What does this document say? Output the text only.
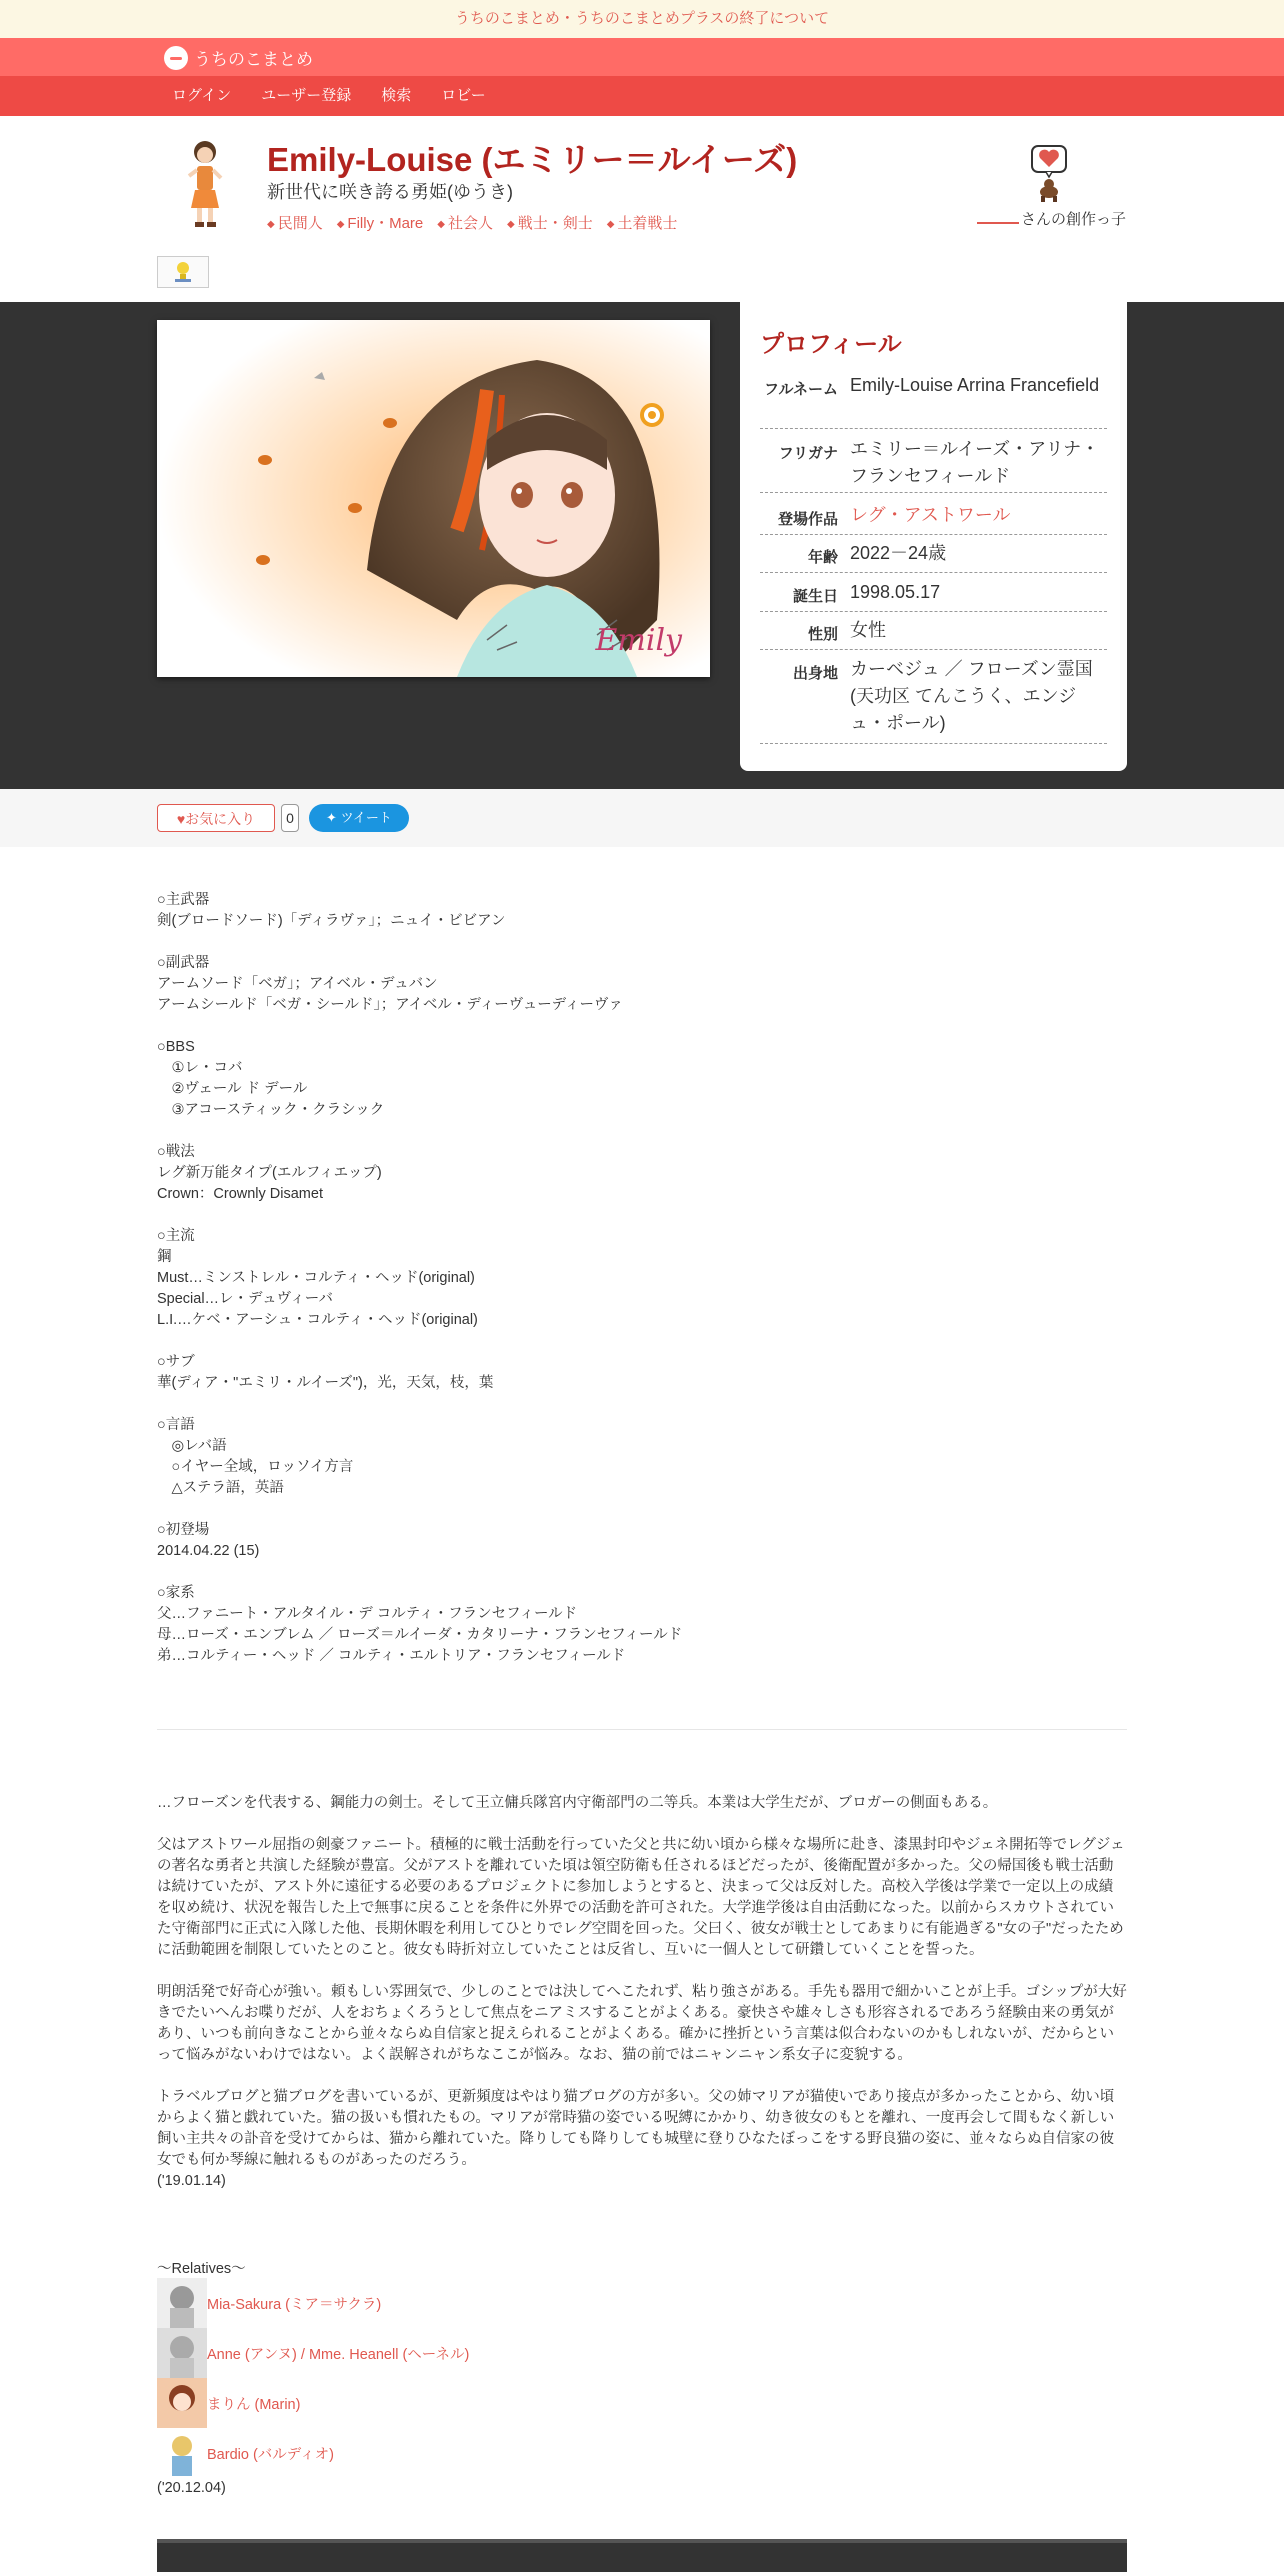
うちのこまとめ・うちのこまとめプラスの終了について
うちのこまとめ
ログイン	ユーザー登録	検索	ロビー
Emily-Louise (エミリー＝ルイーズ)
新世代に咲き誇る勇姫(ゆうき)
◆ 民間人	◆ Filly・Mare	◆ 社会人	◆ 戦士・剣士	◆ 土着戦士	さんの創作っ子
Emily
プロフィール
フルネーム Emily-Louise Arrina Francefield
フリガナ エミリー＝ルイーズ・アリナ・フランセフィールド
登場作品 レグ・アストワール
年齢 2022－24歳
誕生日 1998.05.17
性別 女性
出身地 カーベジュ ／ フローズン霊国 (天功区 てんこうく、エンジュ・ポール)
♥お気に入り	0	✦ ツイート
○主武器
剣(ブロードソード)「ディラヴァ」；ニュイ・ビビアン
○副武器
アームソード「ベガ」；アイベル・デュバン
アームシールド「ベガ・シールド」；アイベル・ディーヴューディーヴァ
○BBS
　①レ・コバ
　②ヴェール ド デール
　③アコースティック・クラシック
○戦法
レグ新万能タイプ(エルフィエップ)
Crown：Crownly Disamet
○主流
鋼
Must…ミンストレル・コルティ・ヘッド(original)
Special…レ・デュヴィーバ
L.I.…ケベ・アーシュ・コルティ・ヘッド(original)
○サブ
華(ディア・"エミリ・ルイーズ")，光，天気，枝，葉
○言語
　◎レバ語
　○イヤー全域，ロッソイ方言
　△ステラ語，英語
○初登場
2014.04.22 (15)
○家系
父…ファニート・アルタイル・デ コルティ・フランセフィールド
母…ローズ・エンブレム ／ ローズ＝ルイーダ・カタリーナ・フランセフィールド
弟…コルティー・ヘッド ／ コルティ・エルトリア・フランセフィールド

…フローズンを代表する、鋼能力の剣士。そして王立傭兵隊宮内守衛部門の二等兵。本業は大学生だが、ブロガーの側面もある。

父はアストワール屈指の剣豪ファニート。積極的に戦士活動を行っていた父と共に幼い頃から様々な場所に赴き、漆黒封印やジェネ開拓等でレグジェの著名な勇者と共演した経験が豊富。父がアストを離れていた頃は領空防衛も任されるほどだったが、後衛配置が多かった。父の帰国後も戦士活動は続けていたが、アスト外に遠征する必要のあるプロジェクトに参加しようとすると、決まって父は反対した。高校入学後は学業で一定以上の成績を収め続け、状況を報告した上で無事に戻ることを条件に外界での活動を許可された。大学進学後は自由活動になった。以前からスカウトされていた守衛部門に正式に入隊した他、長期休暇を利用してひとりでレグ空間を回った。父曰く、彼女が戦士としてあまりに有能過ぎる"女の子"だったために活動範囲を制限していたとのこと。彼女も時折対立していたことは反省し、互いに一個人として研鑽していくことを誓った。

明朗活発で好奇心が強い。頼もしい雰囲気で、少しのことでは決してへこたれず、粘り強さがある。手先も器用で細かいことが上手。ゴシップが大好きでたいへんお喋りだが、人をおちょくろうとして焦点をニアミスすることがよくある。豪快さや雄々しさも形容されるであろう経験由来の勇気があり、いつも前向きなことから並々ならぬ自信家と捉えられることがよくある。確かに挫折という言葉は似合わないのかもしれないが、だからといって悩みがないわけではない。よく誤解されがちなここが悩み。なお、猫の前ではニャンニャン系女子に変貌する。

トラベルブログと猫ブログを書いているが、更新頻度はやはり猫ブログの方が多い。父の姉マリアが猫使いであり接点が多かったことから、幼い頃からよく猫と戯れていた。猫の扱いも慣れたもの。マリアが常時猫の姿でいる呪縛にかかり、幼き彼女のもとを離れ、一度再会して間もなく新しい飼い主共々の訃音を受けてからは、猫から離れていた。降りしても降りしても城壁に登りひなたぼっこをする野良猫の姿に、並々ならぬ自信家の彼女でも何か琴線に触れるものがあったのだろう。
('19.01.14)

～Relatives～
Mia-Sakura (ミア＝サクラ)
Anne (アンヌ) / Mme. Heanell (ヘーネル)
まりん (Marin)
Bardio (バルディオ)
('20.12.04)
